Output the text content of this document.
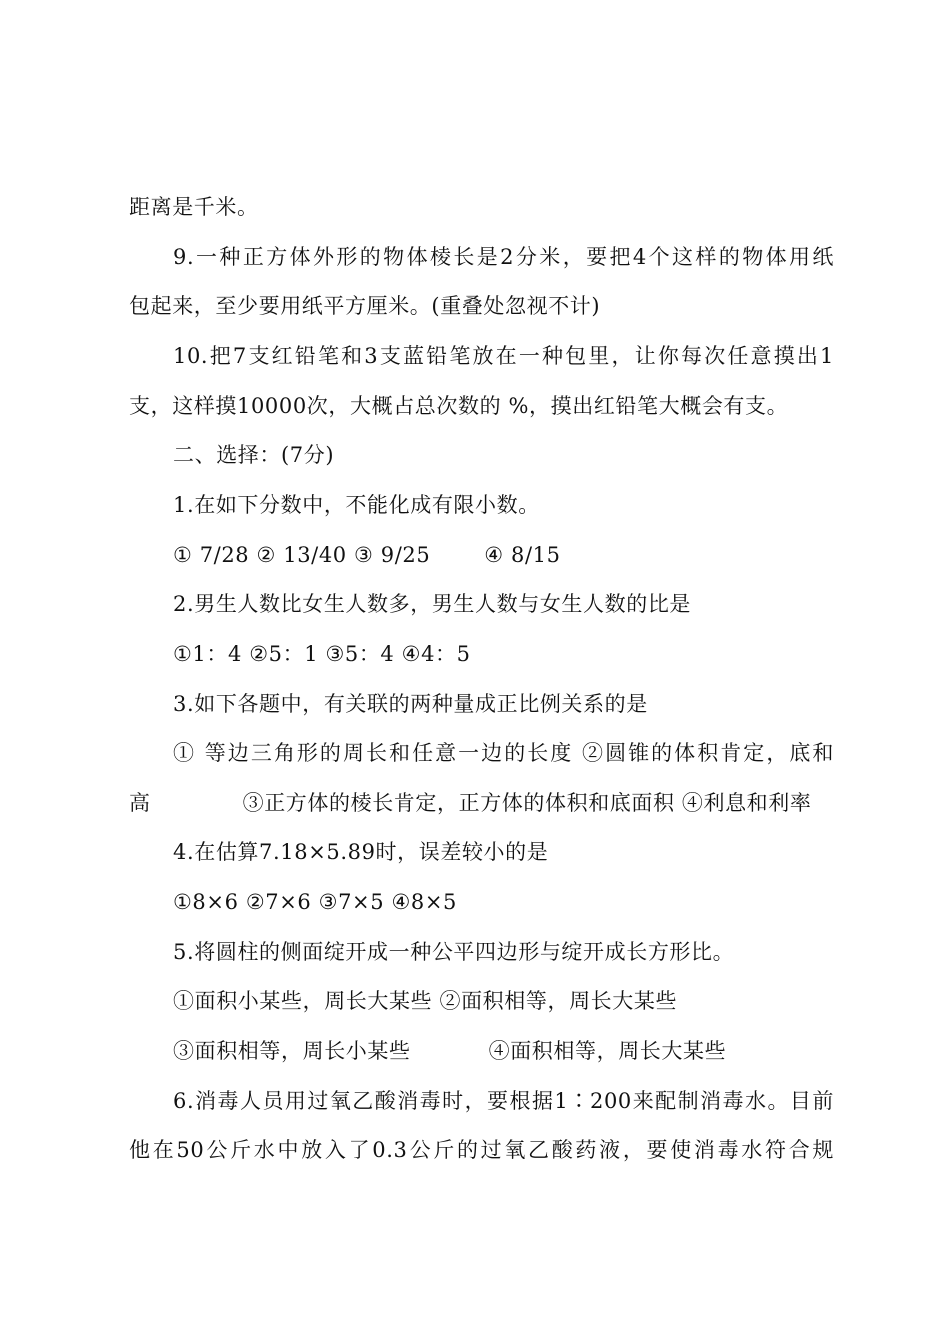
距离是千米。
9.一种正方体外形的物体棱长是2分米，要把4个这样的物体用纸
包起来，至少要用纸平方厘米。(重叠处忽视不计)
10.把7支红铅笔和3支蓝铅笔放在一种包里，让你每次任意摸出1
支，这样摸10000次，大概占总次数的 %，摸出红铅笔大概会有支。
二、选择：(7分)
1.在如下分数中，不能化成有限小数。
① 7/28 ② 13/40 ③ 9/25	④ 8/15
2.男生人数比女生人数多，男生人数与女生人数的比是
①1：4 ②5：1 ③5：4 ④4：5
3.如下各题中，有关联的两种量成正比例关系的是
① 等边三角形的周长和任意一边的长度 ②圆锥的体积肯定，底和
高	③正方体的棱长肯定，正方体的体积和底面积 ④利息和利率
4.在估算7.18×5.89时，误差较小的是
①8×6 ②7×6 ③7×5 ④8×5
5.将圆柱的侧面绽开成一种公平四边形与绽开成长方形比。
①面积小某些，周长大某些 ②面积相等，周长大某些
③面积相等，周长小某些	④面积相等，周长大某些
6.消毒人员用过氧乙酸消毒时，要根据1∶200来配制消毒水。目前
他在50公斤水中放入了0.3公斤的过氧乙酸药液，要使消毒水符合规
